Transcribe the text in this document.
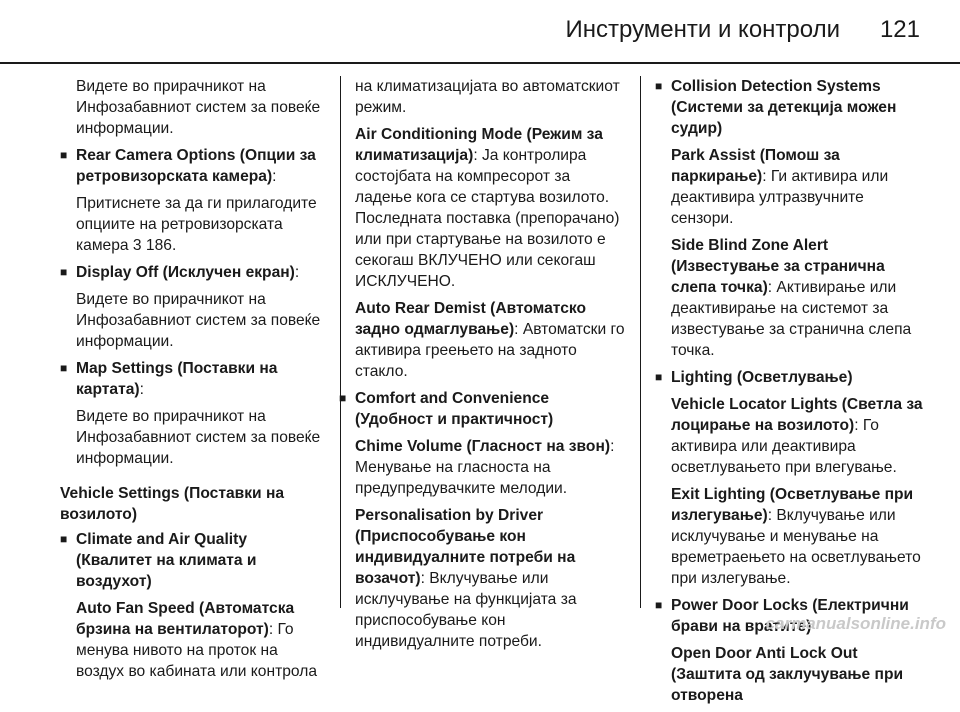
Инструменти и контроли 121
Видете во прирачникот на Инфозабавниот систем за повеќе информации.
■ Rear Camera Options (Опции за ретровизорската камера):
Притиснете за да ги прилагодите опциите на ретровизорската камера 3 186.
■ Display Off (Исклучен екран):
Видете во прирачникот на Инфозабавниот систем за повеќе информации.
■ Map Settings (Поставки на картата):
Видете во прирачникот на Инфозабавниот систем за повеќе информации.
Vehicle Settings (Поставки на возилото)
■ Climate and Air Quality (Квалитет на климата и воздухот)
Auto Fan Speed (Автоматска брзина на вентилаторот): Го менува нивото на проток на воздух во кабината или контрола
на климатизацијата во автоматскиот режим.
Air Conditioning Mode (Режим за климатизација): Ја контролира состојбата на компресорот за ладење кога се стартува возилото. Последната поставка (препорачано) или при стартување на возилото е секогаш ВКЛУЧЕНО или секогаш ИСКЛУЧЕНО.
Auto Rear Demist (Автоматско задно одмаглување): Автоматски го активира греењето на задното стакло.
■ Comfort and Convenience (Удобност и практичност)
Chime Volume (Гласност на звон): Менување на гласноста на предупредувачките мелодии.
Personalisation by Driver (Приспособување кон индивидуалните потреби на возачот): Вклучување или исклучување на функцијата за приспособување кон индивидуалните потреби.
■ Collision Detection Systems (Системи за детекција можен судир)
Park Assist (Помош за паркирање): Ги активира или деактивира ултразвучните сензори.
Side Blind Zone Alert (Известување за странична слепа точка): Активирање или деактивирање на системот за известување за странична слепа точка.
■ Lighting (Осветлување)
Vehicle Locator Lights (Светла за лоцирање на возилото): Го активира или деактивира осветлувањето при влегување.
Exit Lighting (Осветлување при излегување): Вклучување или исклучување и менување на времетраењето на осветлувањето при излегување.
■ Power Door Locks (Електрични брави на вратите)
Open Door Anti Lock Out (Заштита од заклучување при отворена
carmanualsonline.info
